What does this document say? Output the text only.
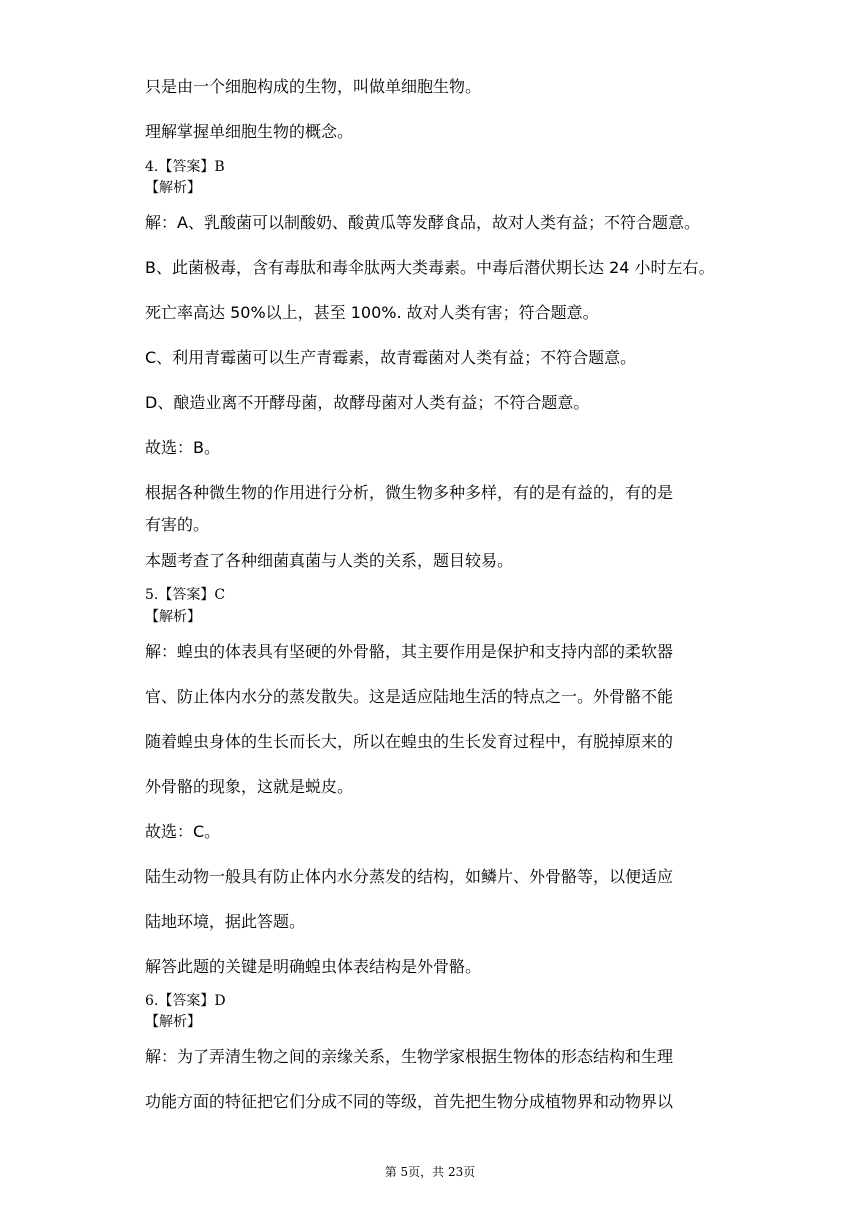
只是由一个细胞构成的生物，叫做单细胞生物。
理解掌握单细胞生物的概念。
4.【答案】B
【解析】
解：A、乳酸菌可以制酸奶、酸黄瓜等发酵食品，故对人类有益；不符合题意。
B、此菌极毒，含有毒肽和毒伞肽两大类毒素。中毒后潜伏期长达 24 小时左右。
死亡率高达 50%以上，甚至 100%. 故对人类有害；符合题意。
C、利用青霉菌可以生产青霉素，故青霉菌对人类有益；不符合题意。
D、酿造业离不开酵母菌，故酵母菌对人类有益；不符合题意。
故选：B。
根据各种微生物的作用进行分析，微生物多种多样，有的是有益的，有的是
有害的。
本题考查了各种细菌真菌与人类的关系，题目较易。
5.【答案】C
【解析】
解：蝗虫的体表具有坚硬的外骨骼，其主要作用是保护和支持内部的柔软器
官、防止体内水分的蒸发散失。这是适应陆地生活的特点之一。外骨骼不能
随着蝗虫身体的生长而长大，所以在蝗虫的生长发育过程中，有脱掉原来的
外骨骼的现象，这就是蜕皮。
故选：C。
陆生动物一般具有防止体内水分蒸发的结构，如鳞片、外骨骼等，以便适应
陆地环境，据此答题。
解答此题的关键是明确蝗虫体表结构是外骨骼。
6.【答案】D
【解析】
解：为了弄清生物之间的亲缘关系，生物学家根据生物体的形态结构和生理
功能方面的特征把它们分成不同的等级，首先把生物分成植物界和动物界以
第 5页，共 23页
